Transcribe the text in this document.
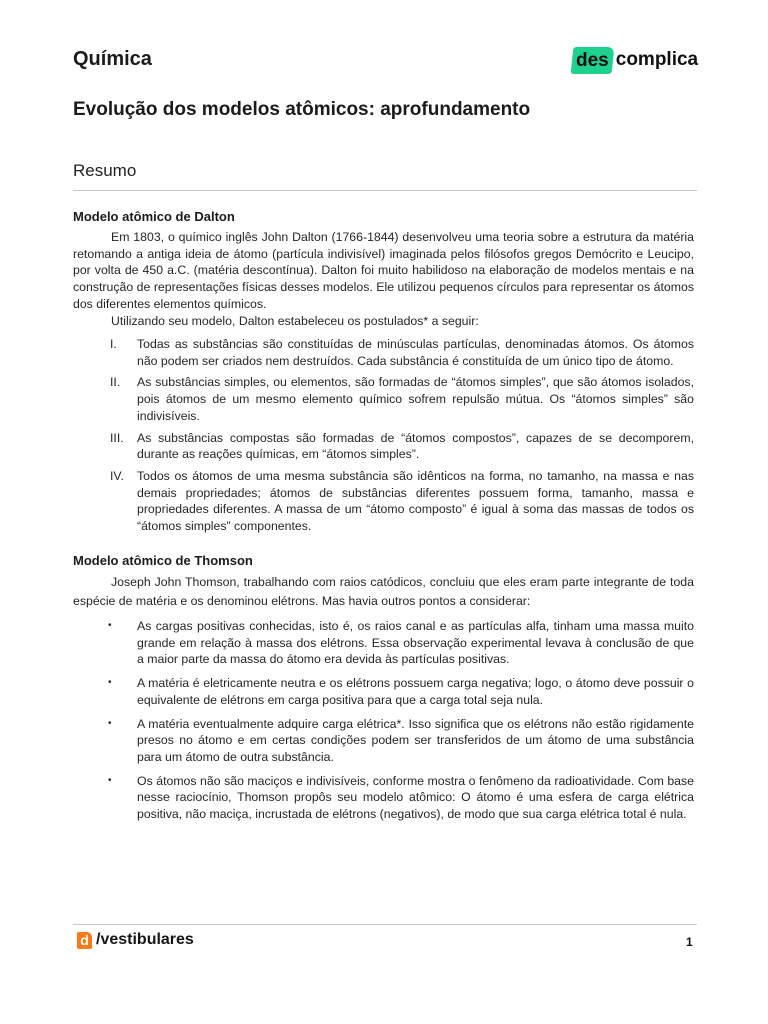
Química	des complica
Evolução dos modelos atômicos: aprofundamento
Resumo
Modelo atômico de Dalton

Em 1803, o químico inglês John Dalton (1766-1844) desenvolveu uma teoria sobre a estrutura da matéria retomando a antiga ideia de átomo (partícula indivisível) imaginada pelos filósofos gregos Demócrito e Leucipo, por volta de 450 a.C. (matéria descontínua). Dalton foi muito habilidoso na elaboração de modelos mentais e na construção de representações físicas desses modelos. Ele utilizou pequenos círculos para representar os átomos dos diferentes elementos químicos.

Utilizando seu modelo, Dalton estabeleceu os postulados* a seguir:

I. Todas as substâncias são constituídas de minúsculas partículas, denominadas átomos. Os átomos não podem ser criados nem destruídos. Cada substância é constituída de um único tipo de átomo.
II. As substâncias simples, ou elementos, são formadas de “átomos simples”, que são átomos isolados, pois átomos de um mesmo elemento químico sofrem repulsão mútua. Os “átomos simples” são indivisíveis.
III. As substâncias compostas são formadas de “átomos compostos”, capazes de se decomporem, durante as reações químicas, em “átomos simples”.
IV. Todos os átomos de uma mesma substância são idênticos na forma, no tamanho, na massa e nas demais propriedades; átomos de substâncias diferentes possuem forma, tamanho, massa e propriedades diferentes. A massa de um “átomo composto” é igual à soma das massas de todos os “átomos simples” componentes.
Modelo atômico de Thomson

Joseph John Thomson, trabalhando com raios catódicos, concluiu que eles eram parte integrante de toda espécie de matéria e os denominou elétrons. Mas havia outros pontos a considerar:

• As cargas positivas conhecidas, isto é, os raios canal e as partículas alfa, tinham uma massa muito grande em relação à massa dos elétrons. Essa observação experimental levava à conclusão de que a maior parte da massa do átomo era devida às partículas positivas.
• A matéria é eletricamente neutra e os elétrons possuem carga negativa; logo, o átomo deve possuir o equivalente de elétrons em carga positiva para que a carga total seja nula.
• A matéria eventualmente adquire carga elétrica*. Isso significa que os elétrons não estão rigidamente presos no átomo e em certas condições podem ser transferidos de um átomo de uma substância para um átomo de outra substância.
• Os átomos não são maciços e indivisíveis, conforme mostra o fenômeno da radioatividade. Com base nesse raciocínio, Thomson propôs seu modelo atômico: O átomo é uma esfera de carga elétrica positiva, não maciça, incrustada de elétrons (negativos), de modo que sua carga elétrica total é nula.
d /vestibulares	1
